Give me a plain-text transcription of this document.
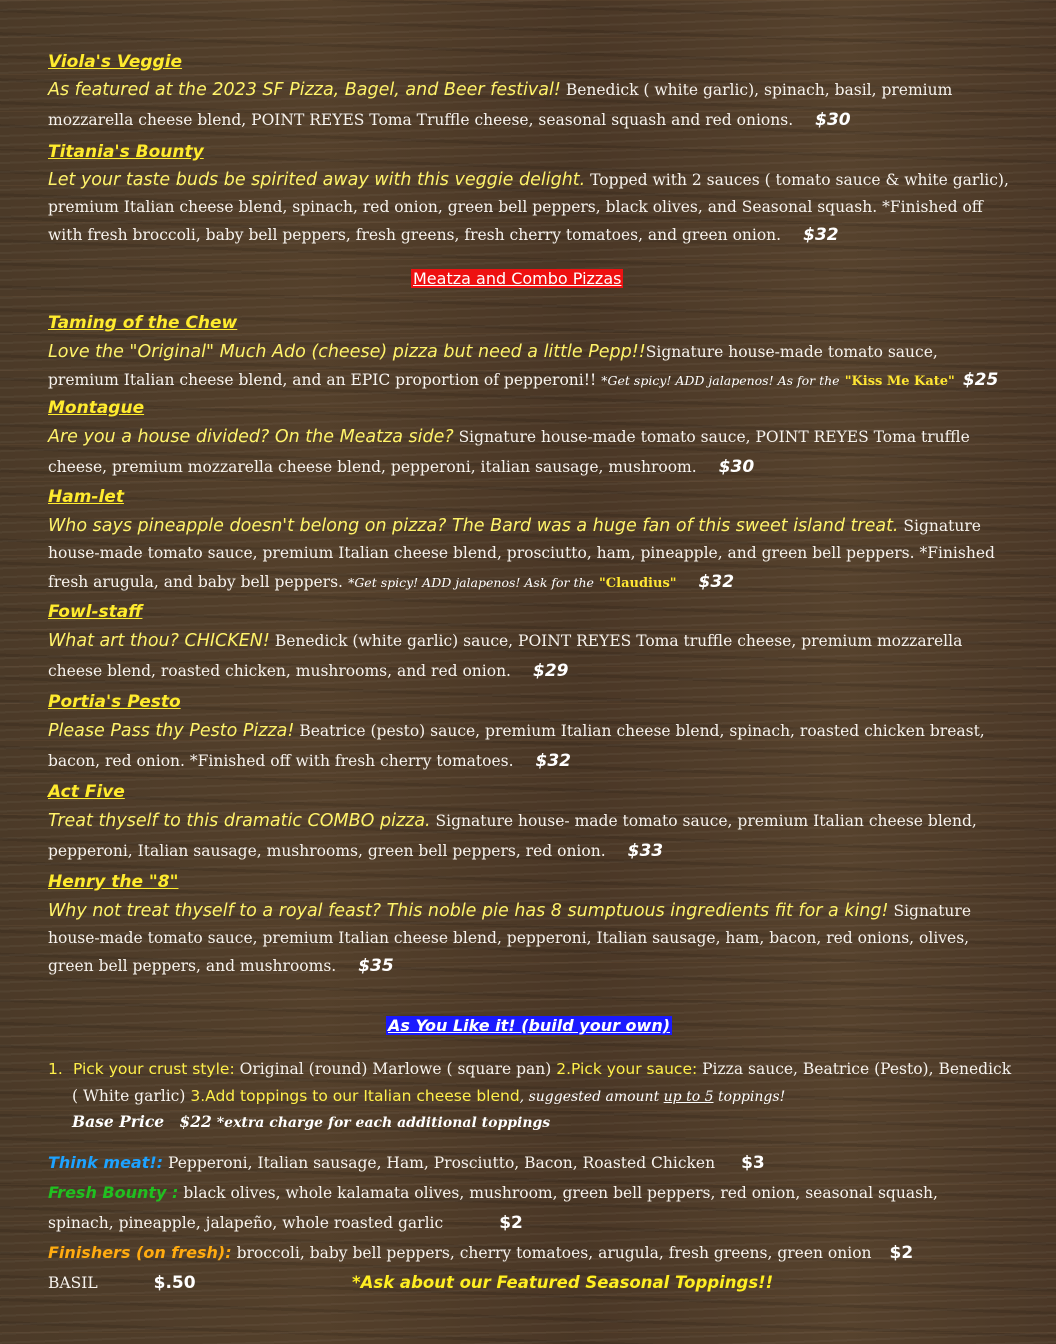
Viola's Veggie
As featured at the 2023 SF Pizza, Bagel, and Beer festival! Benedick ( white garlic), spinach, basil, premium
mozzarella cheese blend, POINT REYES Toma Truffle cheese, seasonal squash and red onions. $30
Titania's Bounty
Let your taste buds be spirited away with this veggie delight. Topped with 2 sauces ( tomato sauce & white garlic),
premium Italian cheese blend, spinach, red onion, green bell peppers, black olives, and Seasonal squash. *Finished off
with fresh broccoli, baby bell peppers, fresh greens, fresh cherry tomatoes, and green onion. $32
Meatza and Combo Pizzas
Taming of the Chew
Love the "Original" Much Ado (cheese) pizza but need a little Pepp!!Signature house-made tomato sauce,
premium Italian cheese blend, and an EPIC proportion of pepperoni!! *Get spicy! ADD jalapenos! As for the "Kiss Me Kate" $25
Montague
Are you a house divided? On the Meatza side? Signature house-made tomato sauce, POINT REYES Toma truffle
cheese, premium mozzarella cheese blend, pepperoni, italian sausage, mushroom. $30
Ham-let
Who says pineapple doesn't belong on pizza? The Bard was a huge fan of this sweet island treat. Signature
house-made tomato sauce, premium Italian cheese blend, prosciutto, ham, pineapple, and green bell peppers. *Finished
fresh arugula, and baby bell peppers. *Get spicy! ADD jalapenos! Ask for the "Claudius" $32
Fowl-staff
What art thou? CHICKEN! Benedick (white garlic) sauce, POINT REYES Toma truffle cheese, premium mozzarella
cheese blend, roasted chicken, mushrooms, and red onion. $29
Portia's Pesto
Please Pass thy Pesto Pizza! Beatrice (pesto) sauce, premium Italian cheese blend, spinach, roasted chicken breast,
bacon, red onion. *Finished off with fresh cherry tomatoes. $32
Act Five
Treat thyself to this dramatic COMBO pizza. Signature house- made tomato sauce, premium Italian cheese blend,
pepperoni, Italian sausage, mushrooms, green bell peppers, red onion. $33
Henry the "8"
Why not treat thyself to a royal feast? This noble pie has 8 sumptuous ingredients fit for a king! Signature
house-made tomato sauce, premium Italian cheese blend, pepperoni, Italian sausage, ham, bacon, red onions, olives,
green bell peppers, and mushrooms. $35
As You Like it! (build your own)
1. Pick your crust style: Original (round) Marlowe ( square pan) 2.Pick your sauce: Pizza sauce, Beatrice (Pesto), Benedick
( White garlic) 3.Add toppings to our Italian cheese blend, suggested amount up to 5 toppings!
Base Price $22 *extra charge for each additional toppings
Think meat!: Pepperoni, Italian sausage, Ham, Prosciutto, Bacon, Roasted Chicken $3
Fresh Bounty : black olives, whole kalamata olives, mushroom, green bell peppers, red onion, seasonal squash,
spinach, pineapple, jalapeño, whole roasted garlic	$2
Finishers (on fresh): broccoli, baby bell peppers, cherry tomatoes, arugula, fresh greens, green onion $2
BASIL	$.50	*Ask about our Featured Seasonal Toppings!!
